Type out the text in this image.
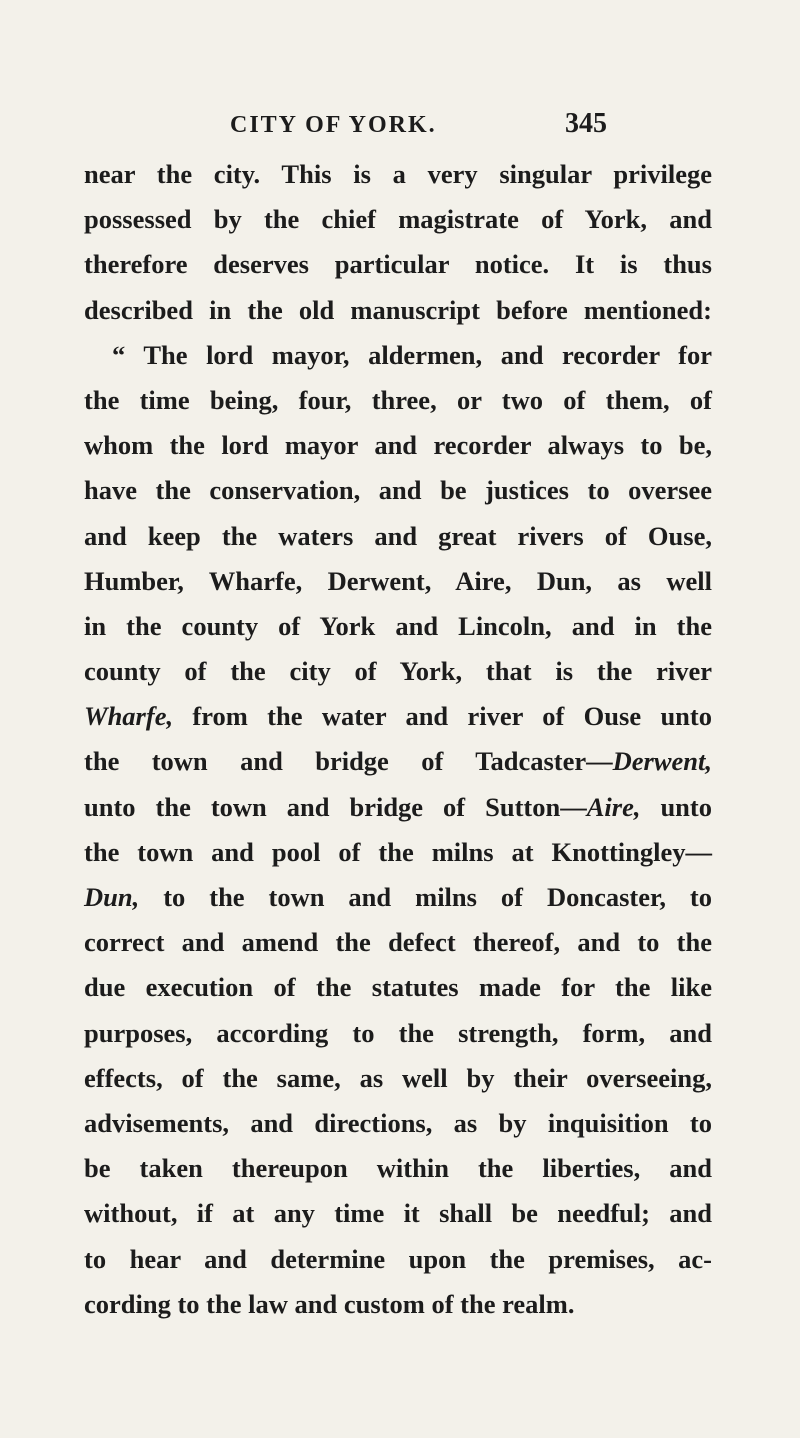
CITY OF YORK.	345
near the city. This is a very singular privilege
possessed by the chief magistrate of York, and
therefore deserves particular notice. It is thus
described in the old manuscript before mentioned:
“ The lord mayor, aldermen, and recorder for
the time being, four, three, or two of them, of
whom the lord mayor and recorder always to be,
have the conservation, and be justices to oversee
and keep the waters and great rivers of Ouse,
Humber, Wharfe, Derwent, Aire, Dun, as well
in the county of York and Lincoln, and in the
county of the city of York, that is the river
Wharfe, from the water and river of Ouse unto
the town and bridge of Tadcaster—Derwent,
unto the town and bridge of Sutton—Aire, unto
the town and pool of the milns at Knottingley—
Dun, to the town and milns of Doncaster, to
correct and amend the defect thereof, and to the
due execution of the statutes made for the like
purposes, according to the strength, form, and
effects, of the same, as well by their overseeing,
advisements, and directions, as by inquisition to
be taken thereupon within the liberties, and
without, if at any time it shall be needful; and
to hear and determine upon the premises, ac-
cording to the law and custom of the realm.
